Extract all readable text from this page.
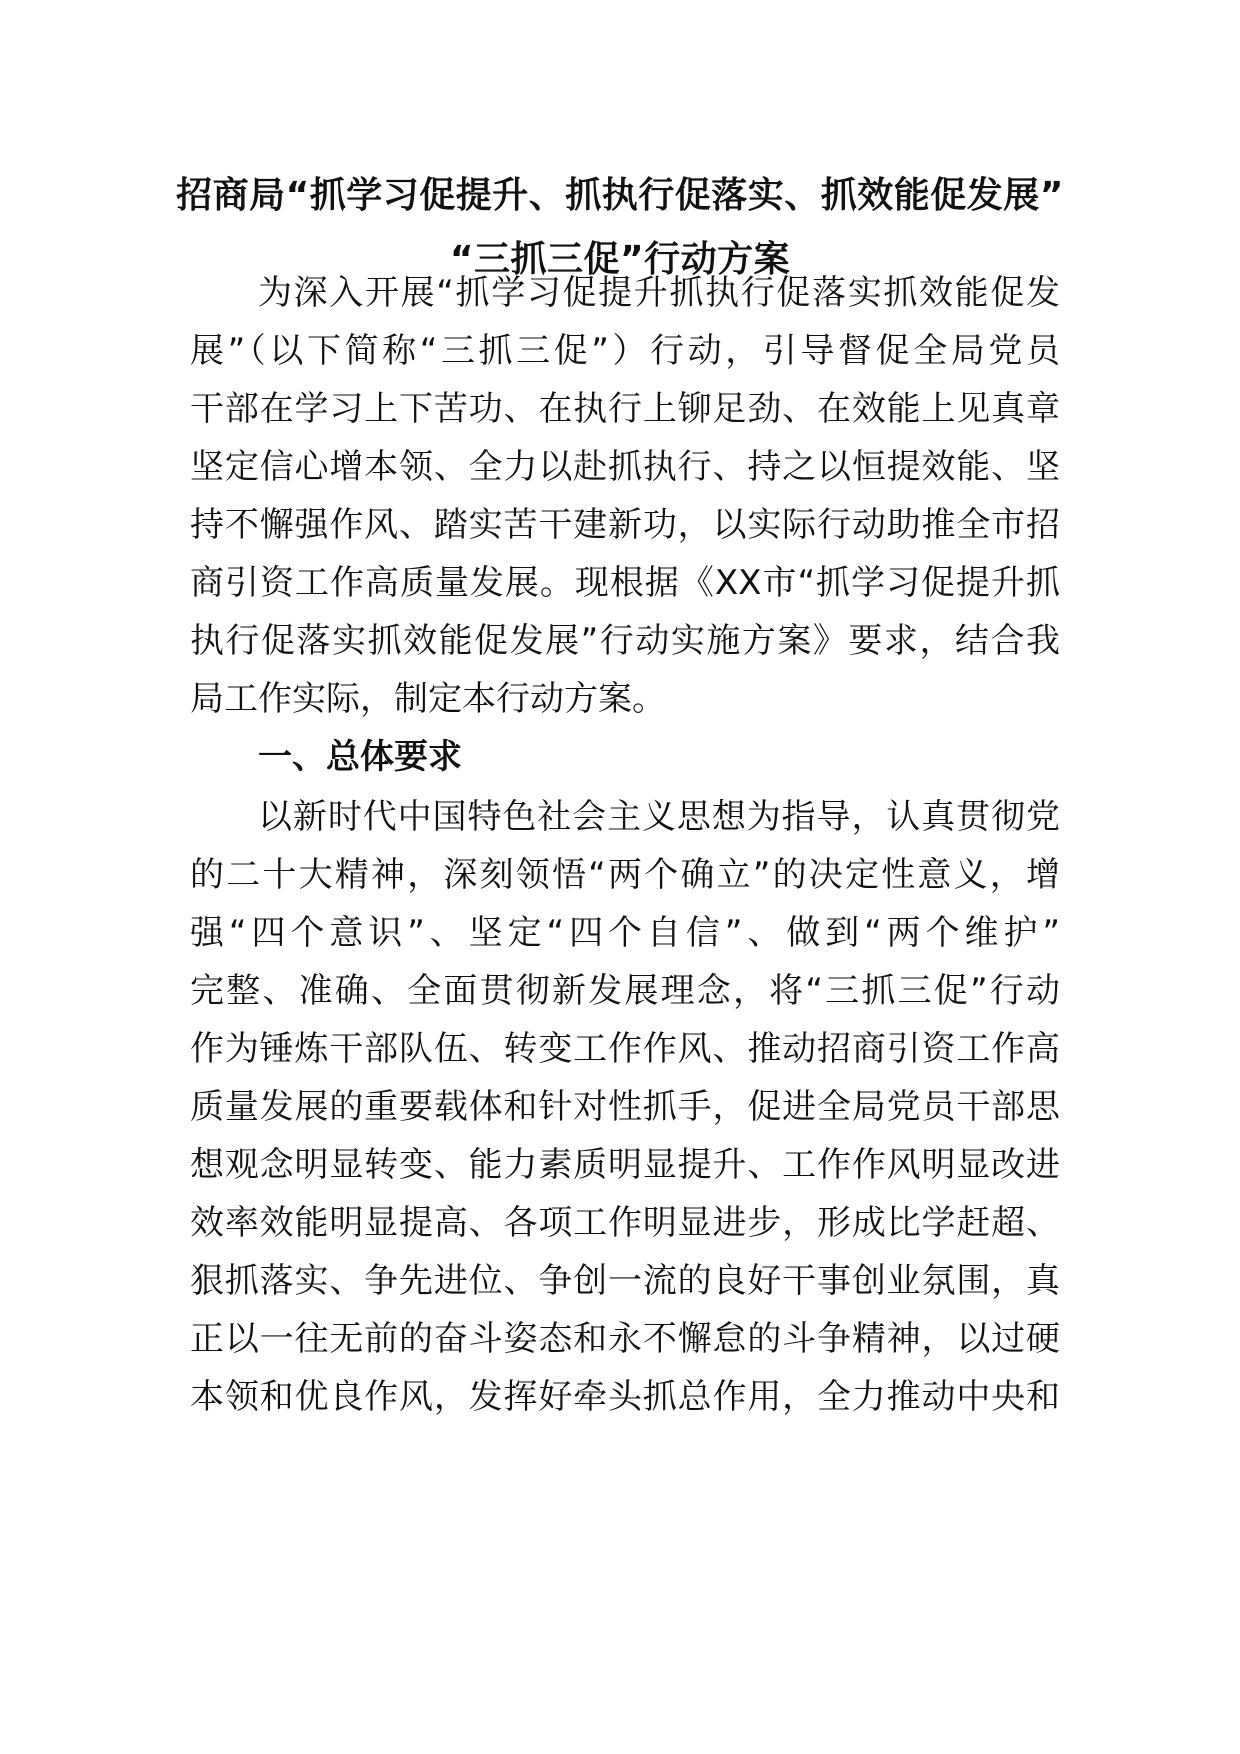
招商局“抓学习促提升、抓执行促落实、抓效能促发展”
“三抓三促”行动方案
为深入开展“抓学习促提升抓执行促落实抓效能促发
展”（以下简称“三抓三促”）行动，引导督促全局党员
干部在学习上下苦功、在执行上铆足劲、在效能上见真章
坚定信心增本领、全力以赴抓执行、持之以恒提效能、坚
持不懈强作风、踏实苦干建新功，以实际行动助推全市招
商引资工作高质量发展。现根据《XX市“抓学习促提升抓
执行促落实抓效能促发展”行动实施方案》要求，结合我
局工作实际，制定本行动方案。
一、总体要求
以新时代中国特色社会主义思想为指导，认真贯彻党
的二十大精神，深刻领悟“两个确立”的决定性意义，增
强“四个意识”、坚定“四个自信”、做到“两个维护”
完整、准确、全面贯彻新发展理念，将“三抓三促”行动
作为锤炼干部队伍、转变工作作风、推动招商引资工作高
质量发展的重要载体和针对性抓手，促进全局党员干部思
想观念明显转变、能力素质明显提升、工作作风明显改进
效率效能明显提高、各项工作明显进步，形成比学赶超、
狠抓落实、争先进位、争创一流的良好干事创业氛围，真
正以一往无前的奋斗姿态和永不懈怠的斗争精神，以过硬
本领和优良作风，发挥好牵头抓总作用，全力推动中央和
